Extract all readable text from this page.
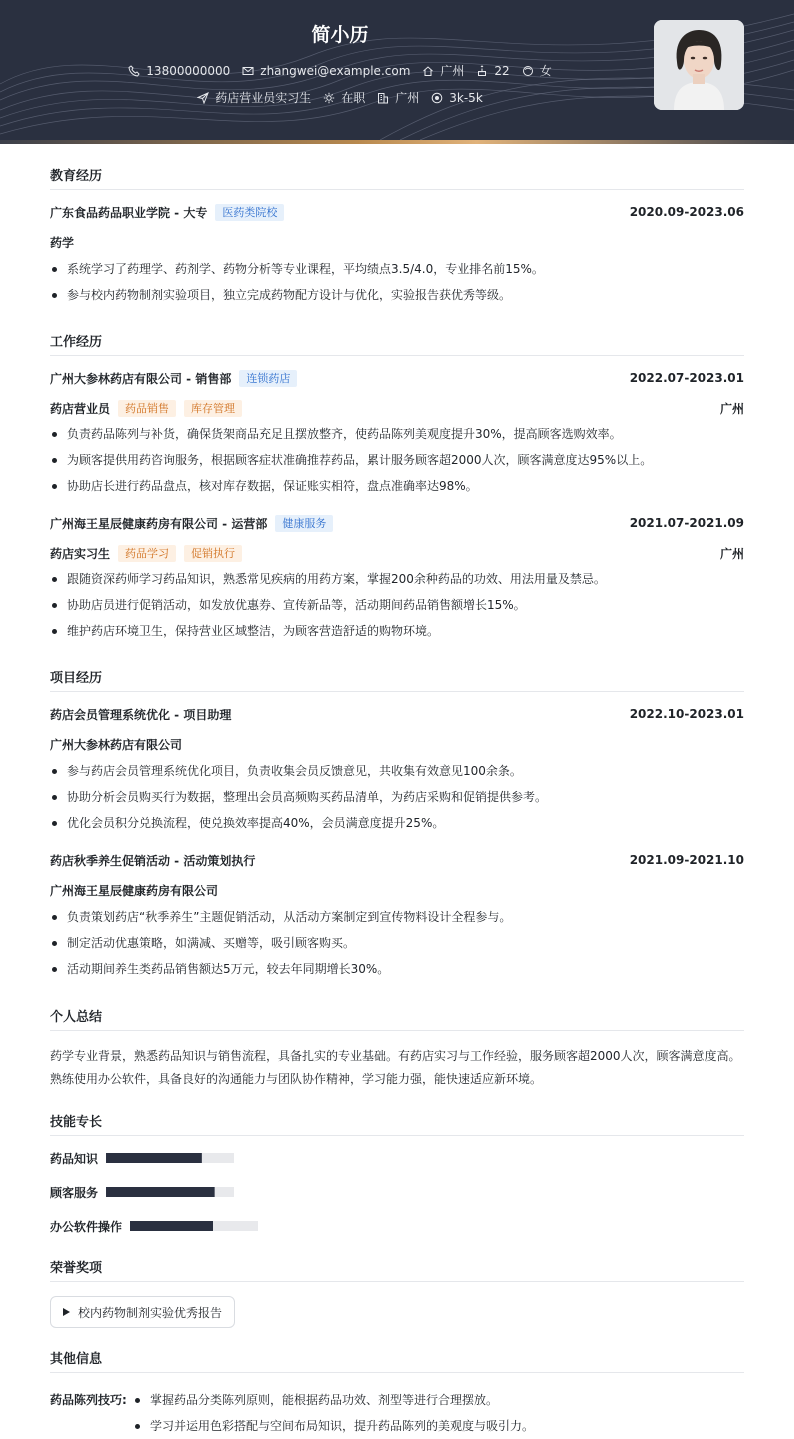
简小历
13800000000	zhangwei@example.com	广州	22	女
药店营业员实习生	在职	广州	3k-5k
教育经历
广东食品药品职业学院 - 大专	医药类院校	2020.09-2023.06
药学
系统学习了药理学、药剂学、药物分析等专业课程，平均绩点3.5/4.0，专业排名前15%。
参与校内药物制剂实验项目，独立完成药物配方设计与优化，实验报告获优秀等级。
工作经历
广州大参林药店有限公司 - 销售部	连锁药店	2022.07-2023.01
药店营业员	药品销售	库存管理	广州
负责药品陈列与补货，确保货架商品充足且摆放整齐，使药品陈列美观度提升30%，提高顾客选购效率。
为顾客提供用药咨询服务，根据顾客症状准确推荐药品，累计服务顾客超2000人次，顾客满意度达95%以上。
协助店长进行药品盘点，核对库存数据，保证账实相符，盘点准确率达98%。
广州海王星辰健康药房有限公司 - 运营部	健康服务	2021.07-2021.09
药店实习生	药品学习	促销执行	广州
跟随资深药师学习药品知识，熟悉常见疾病的用药方案，掌握200余种药品的功效、用法用量及禁忌。
协助店员进行促销活动，如发放优惠券、宣传新品等，活动期间药品销售额增长15%。
维护药店环境卫生，保持营业区域整洁，为顾客营造舒适的购物环境。
项目经历
药店会员管理系统优化 - 项目助理	2022.10-2023.01
广州大参林药店有限公司
参与药店会员管理系统优化项目，负责收集会员反馈意见，共收集有效意见100余条。
协助分析会员购买行为数据，整理出会员高频购买药品清单，为药店采购和促销提供参考。
优化会员积分兑换流程，使兑换效率提高40%，会员满意度提升25%。
药店秋季养生促销活动 - 活动策划执行	2021.09-2021.10
广州海王星辰健康药房有限公司
负责策划药店“秋季养生”主题促销活动，从活动方案制定到宣传物料设计全程参与。
制定活动优惠策略，如满减、买赠等，吸引顾客购买。
活动期间养生类药品销售额达5万元，较去年同期增长30%。
个人总结
药学专业背景，熟悉药品知识与销售流程，具备扎实的专业基础。有药店实习与工作经验，服务顾客超2000人次，顾客满意度高。熟练使用办公软件，具备良好的沟通能力与团队协作精神，学习能力强，能快速适应新环境。
技能专长
药品知识
顾客服务
办公软件操作
荣誉奖项
校内药物制剂实验优秀报告
其他信息
药品陈列技巧:	掌握药品分类陈列原则，能根据药品功效、剂型等进行合理摆放。
学习并运用色彩搭配与空间布局知识，提升药品陈列的美观度与吸引力。
